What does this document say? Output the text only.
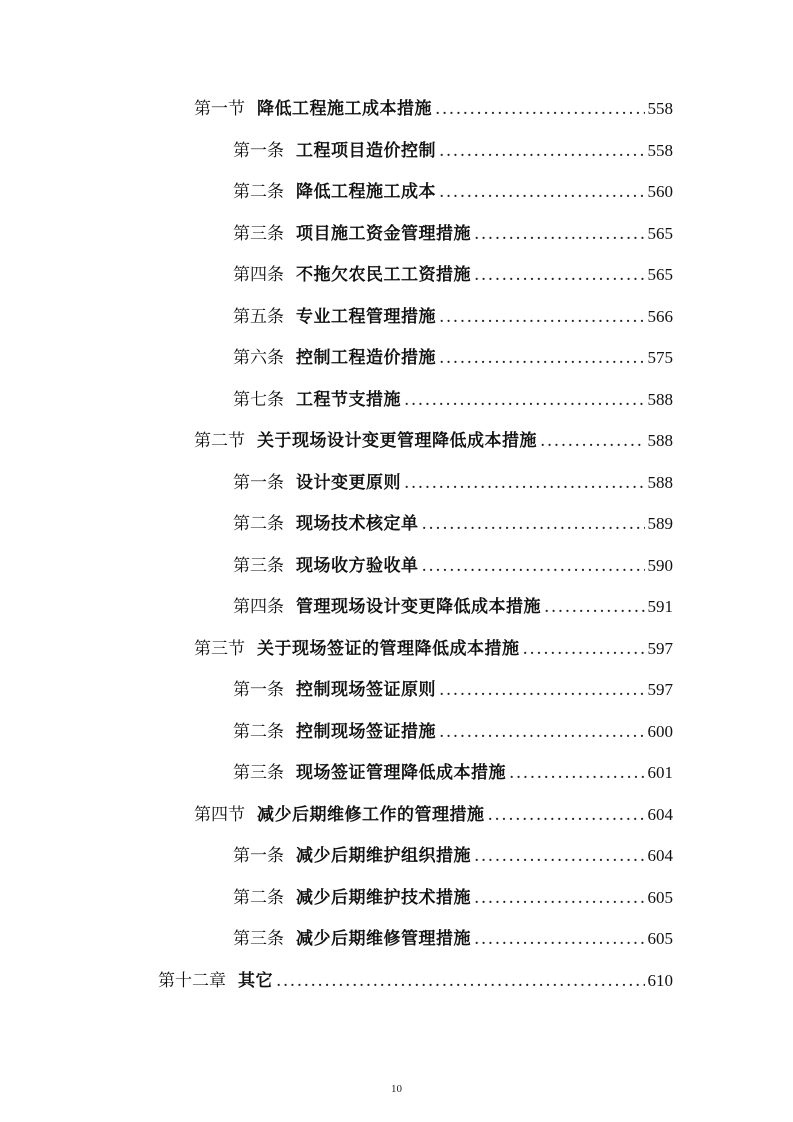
第一节 降低工程施工成本措施 .....	558
第一条 工程项目造价控制 .....	558
第二条 降低工程施工成本 .....	560
第三条 项目施工资金管理措施 .....	565
第四条 不拖欠农民工工资措施 .....	565
第五条 专业工程管理措施 .....	566
第六条 控制工程造价措施 .....	575
第七条 工程节支措施 .....	588
第二节 关于现场设计变更管理降低成本措施 .....	588
第一条 设计变更原则 .....	588
第二条 现场技术核定单 .....	589
第三条 现场收方验收单 .....	590
第四条 管理现场设计变更降低成本措施 .....	591
第三节 关于现场签证的管理降低成本措施 .....	597
第一条 控制现场签证原则 .....	597
第二条 控制现场签证措施 .....	600
第三条 现场签证管理降低成本措施 .....	601
第四节 减少后期维修工作的管理措施 .....	604
第一条 减少后期维护组织措施 .....	604
第二条 减少后期维护技术措施 .....	605
第三条 减少后期维修管理措施 .....	605
第十二章 其它 .....	610
10
